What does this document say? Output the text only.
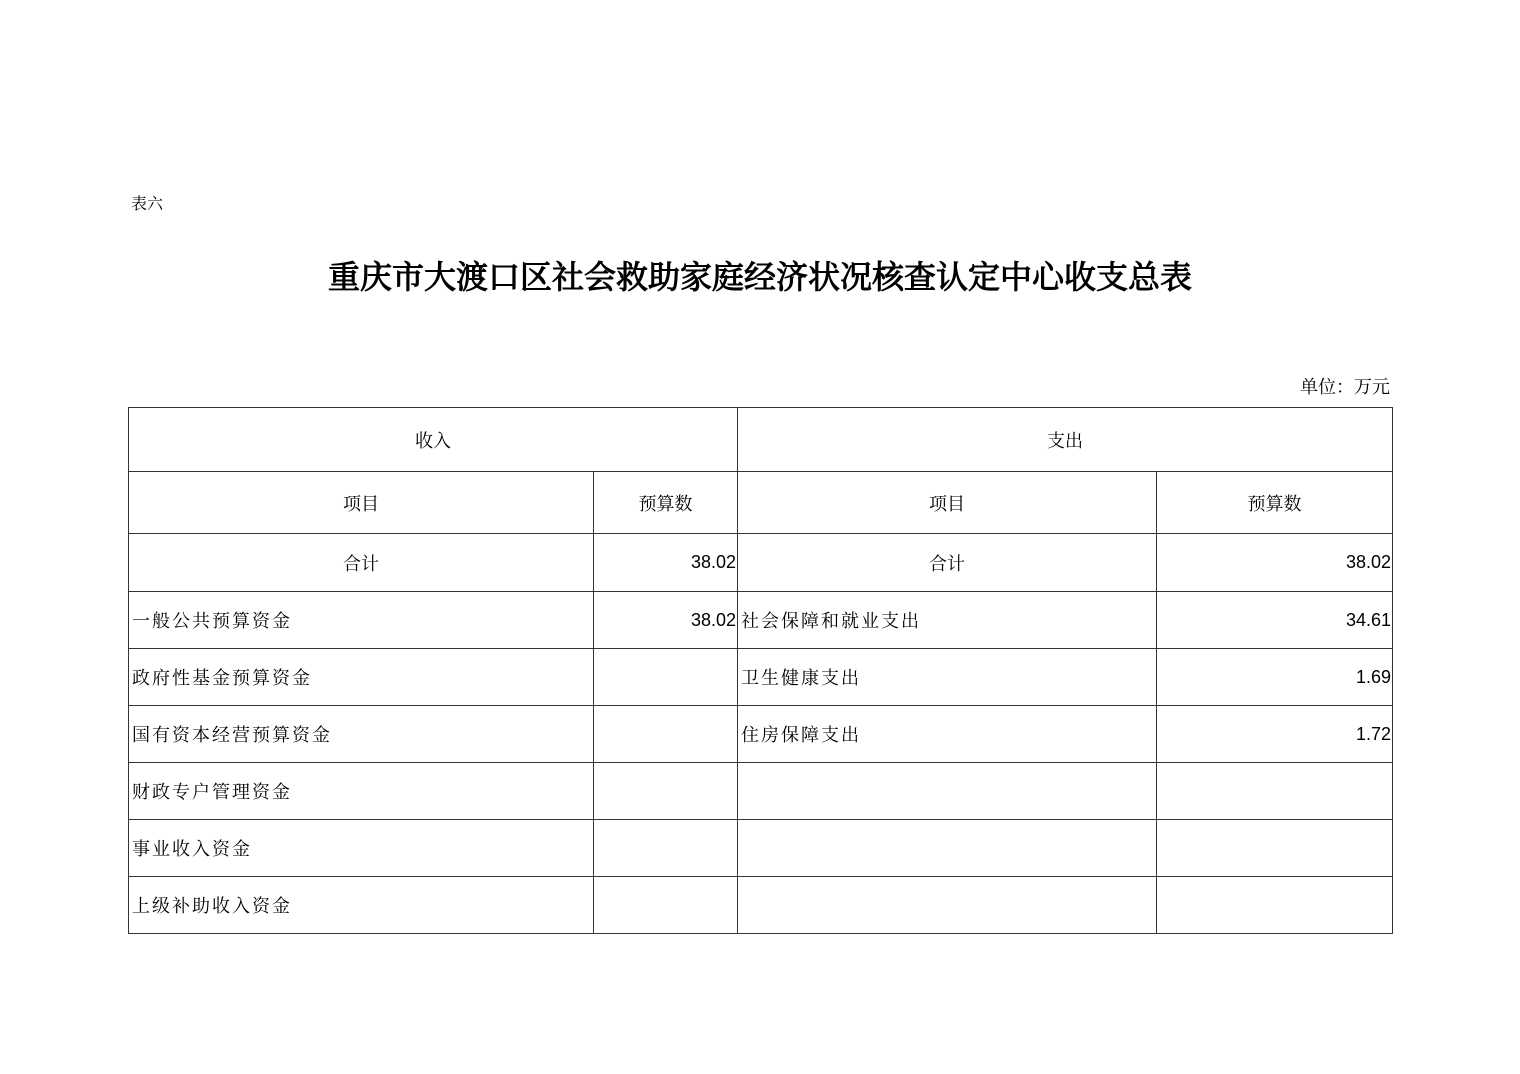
表六
重庆市大渡口区社会救助家庭经济状况核查认定中心收支总表
单位：万元
收入		支出	
项目	预算数	项目	预算数
合计	38.02	合计	38.02
一般公共预算资金	38.02	社会保障和就业支出	34.61
政府性基金预算资金		卫生健康支出	1.69
国有资本经营预算资金		住房保障支出	1.72
财政专户管理资金			
事业收入资金			
上级补助收入资金			
